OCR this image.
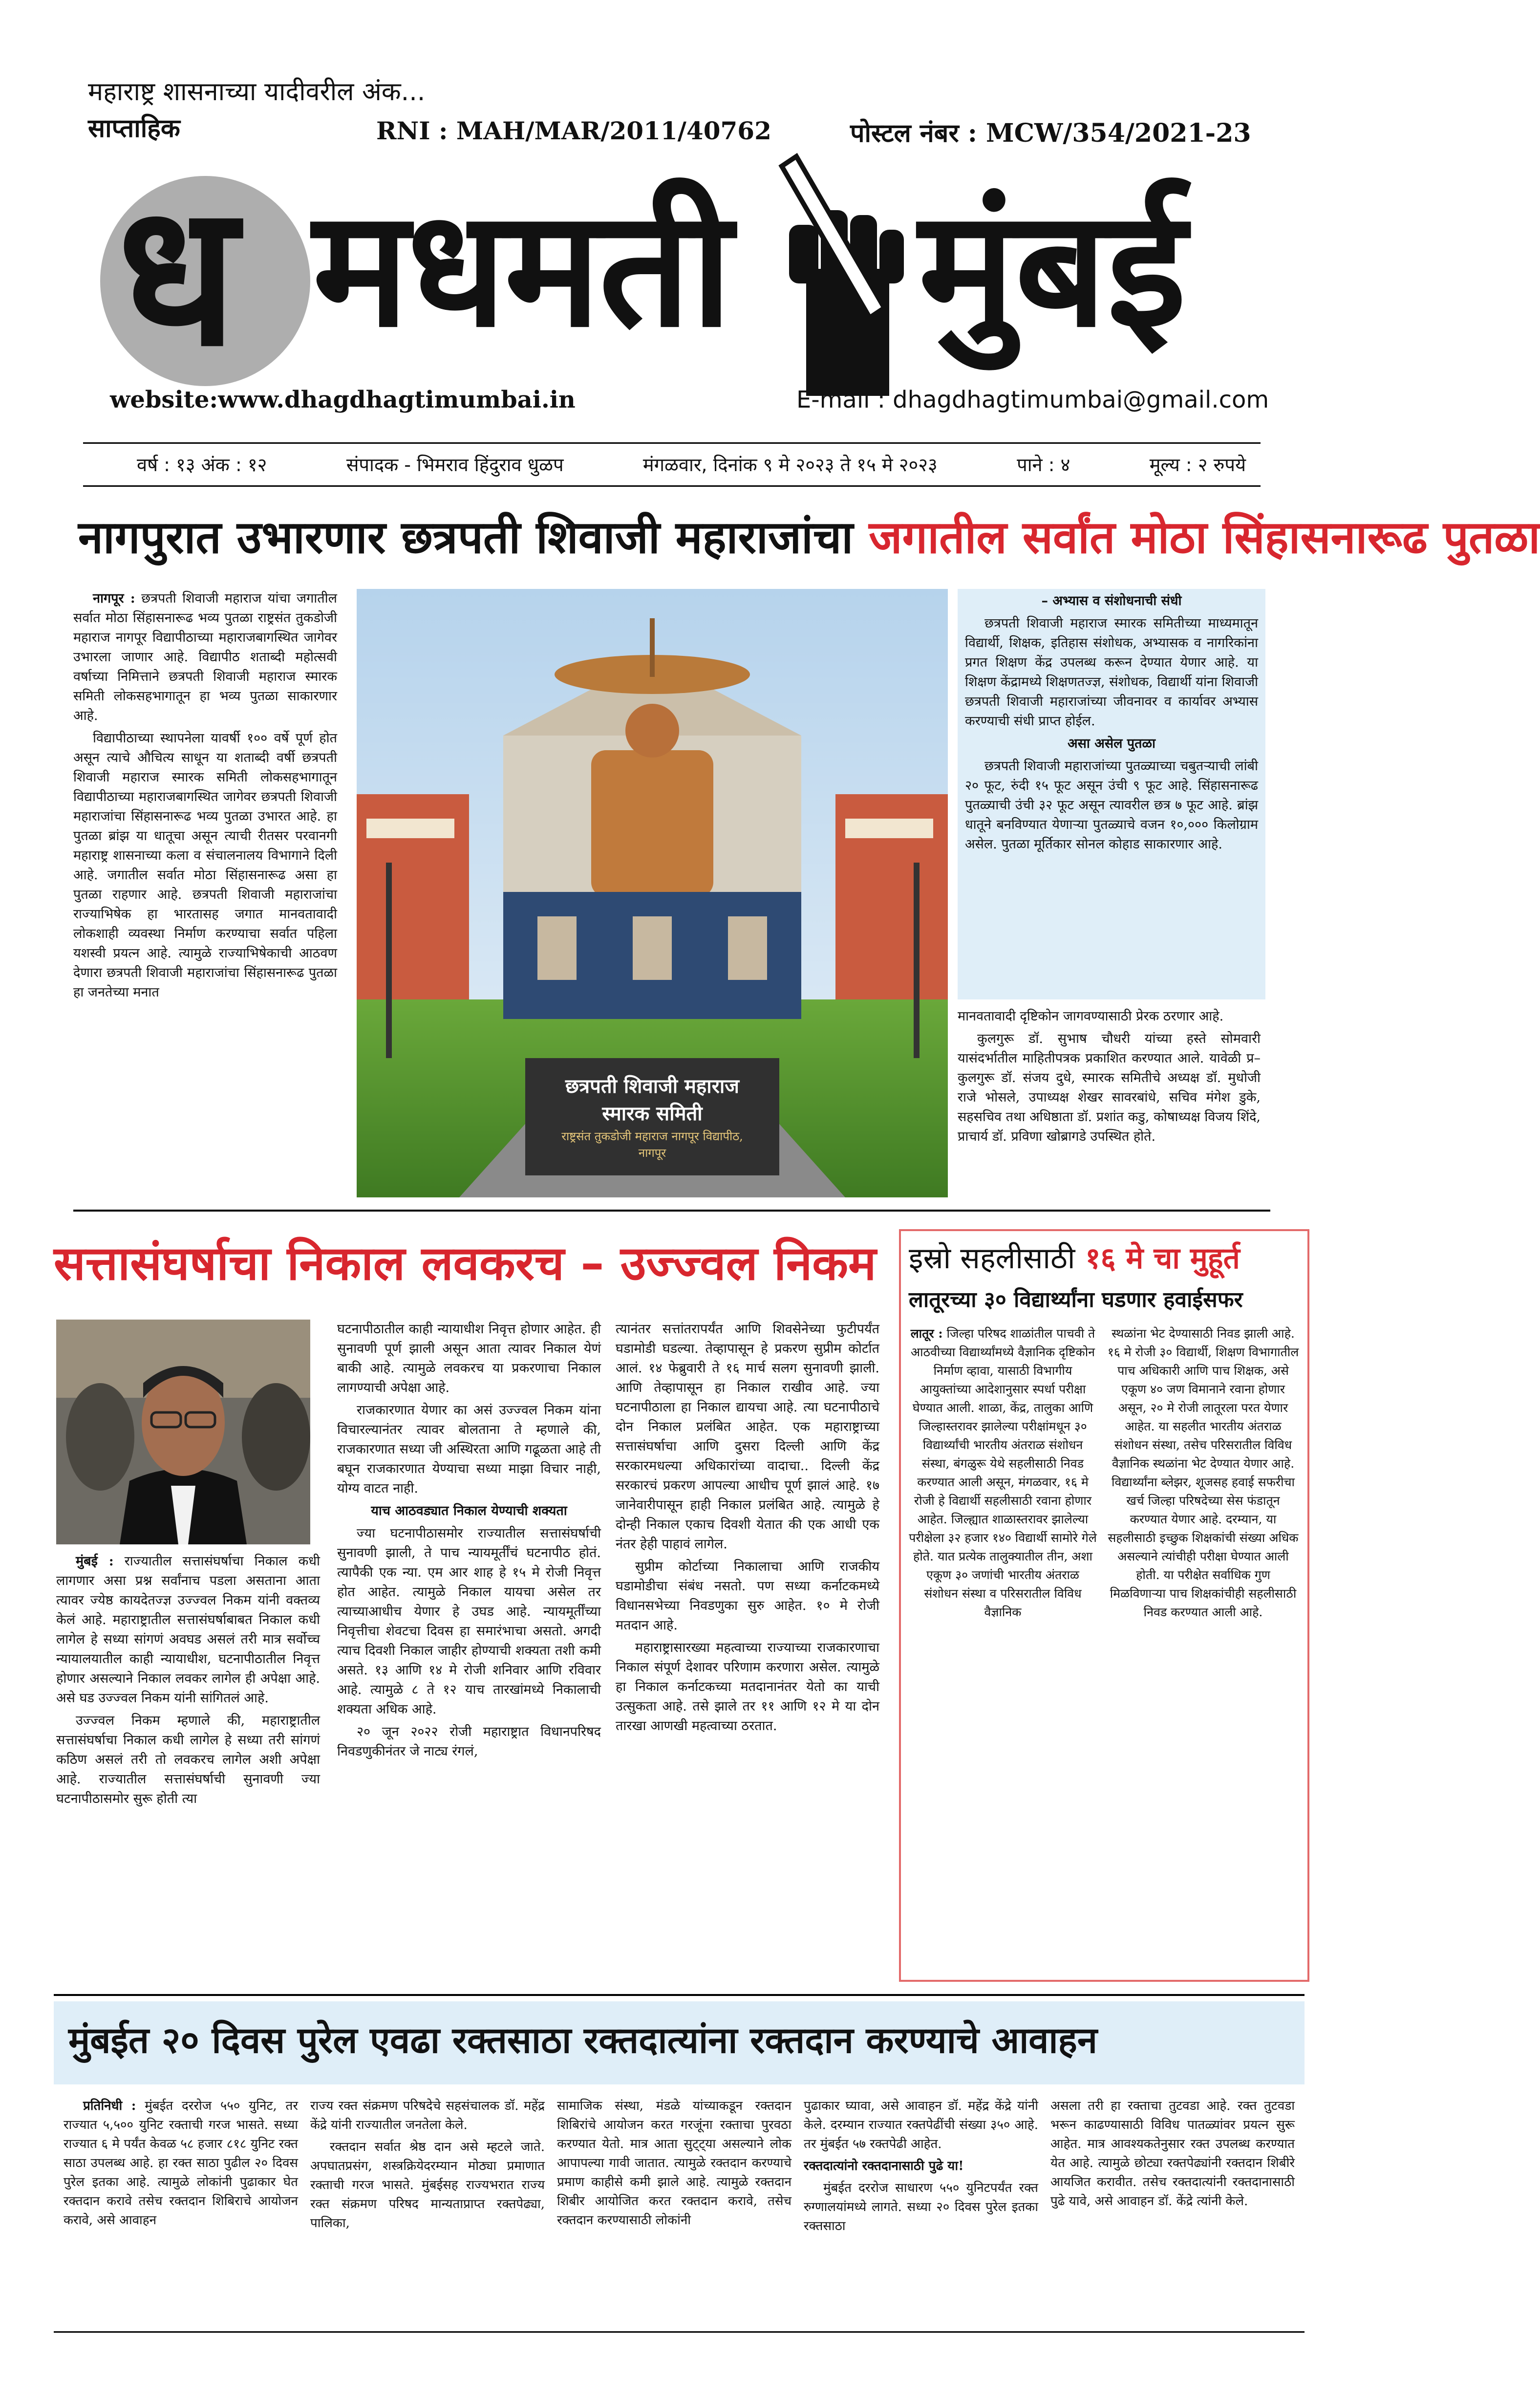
महाराष्ट्र शासनाच्या यादीवरील अंक...
साप्ताहिक	RNI : MAH/MAR/2011/40762	पोस्टल नंबर : MCW/354/2021-23
ध मधमती मुंबई
website:www.dhagdhagtimumbai.in	E-mail : dhagdhagtimumbai@gmail.com
वर्ष : १३ अंक : १२	संपादक - भिमराव हिंदुराव धुळप	मंगळवार, दिनांक ९ मे २०२३ ते १५ मे २०२३	पाने : ४	मूल्य : २ रुपये
नागपुरात उभारणार छत्रपती शिवाजी महाराजांचा जगातील सर्वांत मोठा सिंहासनारूढ पुतळा

नागपूर : छत्रपती शिवाजी महाराज यांचा जगातील सर्वात मोठा सिंहासनारूढ भव्य पुतळा राष्ट्रसंत तुकडोजी महाराज नागपूर विद्यापीठाच्या महाराजबागस्थित जागेवर उभारला जाणार आहे. विद्यापीठ शताब्दी महोत्सवी वर्षाच्या निमित्ताने छत्रपती शिवाजी महाराज स्मारक समिती लोकसहभागातून हा भव्य पुतळा साकारणार आहे.

विद्यापीठाच्या स्थापनेला यावर्षी १०० वर्षे पूर्ण होत असून त्याचे औचित्य साधून या शताब्दी वर्षी छत्रपती शिवाजी महाराज स्मारक समिती लोकसहभागातून विद्यापीठाच्या महाराजबागस्थित जागेवर छत्रपती शिवाजी महाराजांचा सिंहासनारूढ भव्य पुतळा उभारत आहे. हा पुतळा ब्रांझ या धातूचा असून त्याची रीतसर परवानगी महाराष्ट्र शासनाच्या कला व संचालनालय विभागाने दिली आहे. जगातील सर्वात मोठा सिंहासनारूढ असा हा पुतळा राहणार आहे. छत्रपती शिवाजी महाराजांचा राज्याभिषेक हा भारतासह जगात मानवतावादी लोकशाही व्यवस्था निर्माण करण्याचा सर्वात पहिला यशस्वी प्रयत्न आहे. त्यामुळे राज्याभिषेकाची आठवण देणारा छत्रपती शिवाजी महाराजांचा सिंहासनारूढ पुतळा हा जनतेच्या मनात

छत्रपती शिवाजी महाराज
स्मारक समिती
राष्ट्रसंत तुकडोजी महाराज नागपूर विद्यापीठ,
नागपूर

– अभ्यास व संशोधनाची संधी

छत्रपती शिवाजी महाराज स्मारक समितीच्या माध्यमातून विद्यार्थी, शिक्षक, इतिहास संशोधक, अभ्यासक व नागरिकांना प्रगत शिक्षण केंद्र उपलब्ध करून देण्यात येणार आहे. या शिक्षण केंद्रामध्ये शिक्षणतज्ज्ञ, संशोधक, विद्यार्थी यांना शिवाजी छत्रपती शिवाजी महाराजांच्या जीवनावर व कार्यावर अभ्यास करण्याची संधी प्राप्त होईल.

असा असेल पुतळा

छत्रपती शिवाजी महाराजांच्या पुतळ्याच्या चबुतऱ्याची लांबी २० फूट, रुंदी १५ फूट असून उंची ९ फूट आहे. सिंहासनारूढ पुतळ्याची उंची ३२ फूट असून त्यावरील छत्र ७ फूट आहे. ब्रांझ धातूने बनविण्यात येणाऱ्या पुतळ्याचे वजन १०,००० किलोग्राम असेल. पुतळा मूर्तिकार सोनल कोहाड साकारणार आहे.

मानवतावादी दृष्टिकोन जागवण्यासाठी प्रेरक ठरणार आहे.

कुलगुरू डॉ. सुभाष चौधरी यांच्या हस्ते सोमवारी यासंदर्भातील माहितीपत्रक प्रकाशित करण्यात आले. यावेळी प्र– कुलगुरू डॉ. संजय दुधे, स्मारक समितीचे अध्यक्ष डॉ. मुधोजी राजे भोसले, उपाध्यक्ष शेखर सावरबांधे, सचिव मंगेश डुके, सहसचिव तथा अधिष्ठाता डॉ. प्रशांत कडु, कोषाध्यक्ष विजय शिंदे, प्राचार्य डॉ. प्रविणा खोब्रागडे उपस्थित होते.

सत्तासंघर्षाचा निकाल लवकरच – उज्ज्वल निकम

मुंबई : राज्यातील सत्तासंघर्षाचा निकाल कधी लागणार असा प्रश्न सर्वांनाच पडला असताना आता त्यावर ज्येष्ठ कायदेतज्ज्ञ उज्ज्वल निकम यांनी वक्तव्य केलं आहे. महाराष्ट्रातील सत्तासंघर्षाबाबत निकाल कधी लागेल हे सध्या सांगणं अवघड असलं तरी मात्र सर्वोच्च न्यायालयातील काही न्यायाधीश, घटनापीठातील निवृत्त होणार असल्याने निकाल लवकर लागेल ही अपेक्षा आहे. असे घड उज्ज्वल निकम यांनी सांगितलं आहे.

उज्ज्वल निकम म्हणाले की, महाराष्ट्रातील सत्तासंघर्षाचा निकाल कधी लागेल हे सध्या तरी सांगणं कठिण असलं तरी तो लवकरच लागेल अशी अपेक्षा आहे. राज्यातील सत्तासंघर्षाची सुनावणी ज्या घटनापीठासमोर सुरू होती त्या

घटनापीठातील काही न्यायाधीश निवृत्त होणार आहेत. ही सुनावणी पूर्ण झाली असून आता त्यावर निकाल येणं बाकी आहे. त्यामुळे लवकरच या प्रकरणाचा निकाल लागण्याची अपेक्षा आहे.

राजकारणात येणार का असं उज्ज्वल निकम यांना विचारल्यानंतर त्यावर बोलताना ते म्हणाले की, राजकारणात सध्या जी अस्थिरता आणि गढूळता आहे ती बघून राजकारणात येण्याचा सध्या माझा विचार नाही, योग्य वाटत नाही.

याच आठवड्यात निकाल येण्याची शक्यता

ज्या घटनापीठासमोर राज्यातील सत्तासंघर्षाची सुनावणी झाली, ते पाच न्यायमूर्तींचं घटनापीठ होतं. त्यापैकी एक न्या. एम आर शाह हे १५ मे रोजी निवृत्त होत आहेत. त्यामुळे निकाल यायचा असेल तर त्याच्याआधीच येणार हे उघड आहे. न्यायमूर्तींच्या निवृत्तीचा शेवटचा दिवस हा समारंभाचा असतो. अगदी त्याच दिवशी निकाल जाहीर होण्याची शक्यता तशी कमी असते. १३ आणि १४ मे रोजी शनिवार आणि रविवार आहे. त्यामुळे ८ ते १२ याच तारखांमध्ये निकालाची शक्यता अधिक आहे.

२० जून २०२२ रोजी महाराष्ट्रात विधानपरिषद निवडणुकीनंतर जे नाट्य रंगलं,

त्यानंतर सत्तांतरापर्यंत आणि शिवसेनेच्या फुटीपर्यंत घडामोडी घडल्या. तेव्हापासून हे प्रकरण सुप्रीम कोर्टात आलं. १४ फेब्रुवारी ते १६ मार्च सलग सुनावणी झाली. आणि तेव्हापासून हा निकाल राखीव आहे. ज्या घटनापीठाला हा निकाल द्यायचा आहे. त्या घटनापीठाचे दोन निकाल प्रलंबित आहेत. एक महाराष्ट्राच्या सत्तासंघर्षाचा आणि दुसरा दिल्ली आणि केंद्र सरकारमधल्या अधिकारांच्या वादाचा.. दिल्ली केंद्र सरकारचं प्रकरण आपल्या आधीच पूर्ण झालं आहे. १७ जानेवारीपासून हाही निकाल प्रलंबित आहे. त्यामुळे हे दोन्ही निकाल एकाच दिवशी येतात की एक आधी एक नंतर हेही पाहावं लागेल.

सुप्रीम कोर्टाच्या निकालाचा आणि राजकीय घडामोडीचा संबंध नसतो. पण सध्या कर्नाटकमध्ये विधानसभेच्या निवडणुका सुरु आहेत. १० मे रोजी मतदान आहे.

महाराष्ट्रासारख्या महत्वाच्या राज्याच्या राजकारणाचा निकाल संपूर्ण देशावर परिणाम करणारा असेल. त्यामुळे हा निकाल कर्नाटकच्या मतदानानंतर येतो का याची उत्सुकता आहे. तसे झाले तर ११ आणि १२ मे या दोन तारखा आणखी महत्वाच्या ठरतात.

इस्रो सहलीसाठी १६ मे चा मुहूर्त
लातूरच्या ३० विद्यार्थ्यांना घडणार हवाईसफर

लातूर : जिल्हा परिषद शाळांतील पाचवी ते आठवीच्या विद्यार्थ्यांमध्ये वैज्ञानिक दृष्टिकोन निर्माण व्हावा, यासाठी विभागीय आयुक्तांच्या आदेशानुसार स्पर्धा परीक्षा घेण्यात आली. शाळा, केंद्र, तालुका आणि जिल्हास्तरावर झालेल्या परीक्षांमधून ३० विद्यार्थ्यांची भारतीय अंतराळ संशोधन संस्था, बंगळुरू येथे सहलीसाठी निवड करण्यात आली असून, मंगळवार, १६ मे रोजी हे विद्यार्थी सहलीसाठी रवाना होणार आहेत. जिल्ह्यात शाळास्तरावर झालेल्या परीक्षेला ३२ हजार १४० विद्यार्थी सामोरे गेले होते. यात प्रत्येक तालुक्यातील तीन, अशा एकूण ३० जणांची भारतीय अंतराळ संशोधन संस्था व परिसरातील विविध वैज्ञानिक

स्थळांना भेट देण्यासाठी निवड झाली आहे. १६ मे रोजी ३० विद्यार्थी, शिक्षण विभागातील पाच अधिकारी आणि पाच शिक्षक, असे एकूण ४० जण विमानाने रवाना होणार असून, २० मे रोजी लातूरला परत येणार आहेत. या सहलीत भारतीय अंतराळ संशोधन संस्था, तसेच परिसरातील विविध वैज्ञानिक स्थळांना भेट देण्यात येणार आहे. विद्यार्थ्यांना ब्लेझर, शूजसह हवाई सफरीचा खर्च जिल्हा परिषदेच्या सेस फंडातून करण्यात येणार आहे. दरम्यान, या सहलीसाठी इच्छुक शिक्षकांची संख्या अधिक असल्याने त्यांचीही परीक्षा घेण्यात आली होती. या परीक्षेत सर्वाधिक गुण मिळविणाऱ्या पाच शिक्षकांचीही सहलीसाठी निवड करण्यात आली आहे.

मुंबईत २० दिवस पुरेल एवढा रक्तसाठा रक्तदात्यांना रक्तदान करण्याचे आवाहन

प्रतिनिधी : मुंबईत दररोज ५५० युनिट, तर राज्यात ५,५०० युनिट रक्ताची गरज भासते. सध्या राज्यात ६ मे पर्यंत केवळ ५८ हजार ८१८ युनिट रक्त साठा उपलब्ध आहे. हा रक्त साठा पुढील २० दिवस पुरेल इतका आहे. त्यामुळे लोकांनी पुढाकार घेत रक्तदान करावे तसेच रक्तदान शिबिराचे आयोजन करावे, असे आवाहन

राज्य रक्त संक्रमण परिषदेचे सहसंचालक डॉ. महेंद्र केंद्रे यांनी राज्यातील जनतेला केले.

रक्तदान सर्वात श्रेष्ठ दान असे म्हटले जाते. अपघातप्रसंग, शस्त्रक्रियेदरम्यान मोठ्या प्रमाणात रक्ताची गरज भासते. मुंबईसह राज्यभरात राज्य रक्त संक्रमण परिषद मान्यताप्राप्त रक्तपेढ्या, पालिका,

सामाजिक संस्था, मंडळे यांच्याकडून रक्तदान शिबिरांचे आयोजन करत गरजूंना रक्ताचा पुरवठा करण्यात येतो. मात्र आता सुट्ट्या असल्याने लोक आपापल्या गावी जातात. त्यामुळे रक्तदान करण्याचे प्रमाण काहीसे कमी झाले आहे. त्यामुळे रक्तदान शिबीर आयोजित करत रक्तदान करावे, तसेच रक्तदान करण्यासाठी लोकांनी

पुढाकार घ्यावा, असे आवाहन डॉ. महेंद्र केंद्रे यांनी केले. दरम्यान राज्यात रक्तपेढींची संख्या ३५० आहे. तर मुंबईत ५७ रक्तपेढी आहेत.

रक्तदात्यांनो रक्तदानासाठी पुढे या!

मुंबईत दररोज साधारण ५५० युनिटपर्यंत रक्त रुग्णालयांमध्ये लागते. सध्या २० दिवस पुरेल इतका रक्तसाठा

असला तरी हा रक्ताचा तुटवडा आहे. रक्त तुटवडा भरून काढण्यासाठी विविध पातळ्यांवर प्रयत्न सुरू आहेत. मात्र आवश्यकतेनुसार रक्त उपलब्ध करण्यात येत आहे. त्यामुळे छोट्या रक्तपेढ्यांनी रक्तदान शिबीरे आयजित करावीत. तसेच रक्तदात्यांनी रक्तदानासाठी पुढे यावे, असे आवाहन डॉ. केंद्रे त्यांनी केले.
